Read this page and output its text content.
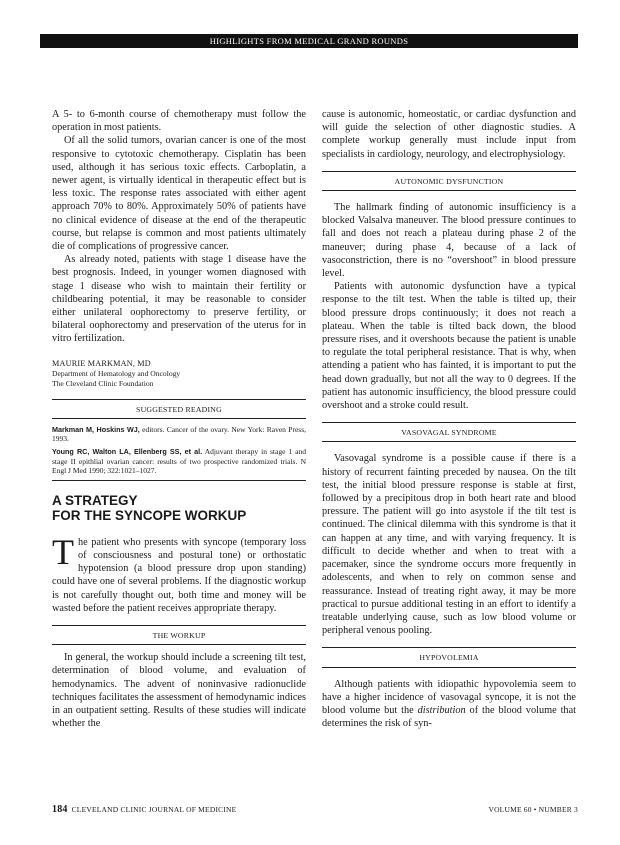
HIGHLIGHTS FROM MEDICAL GRAND ROUNDS

A 5- to 6-month course of chemotherapy must follow the operation in most patients.

Of all the solid tumors, ovarian cancer is one of the most responsive to cytotoxic chemotherapy. Cisplatin has been used, although it has serious toxic effects. Carboplatin, a newer agent, is virtually identical in therapeutic effect but is less toxic. The response rates associated with either agent approach 70% to 80%. Approximately 50% of patients have no clinical evidence of disease at the end of the therapeutic course, but relapse is common and most patients ultimately die of complications of progressive cancer.

As already noted, patients with stage 1 disease have the best prognosis. Indeed, in younger women diagnosed with stage 1 disease who wish to maintain their fertility or childbearing potential, it may be reasonable to consider either unilateral oophorectomy to preserve fertility, or bilateral oophorectomy and preservation of the uterus for in vitro fertilization.

MAURIE MARKMAN, MD
Department of Hematology and Oncology
The Cleveland Clinic Foundation
SUGGESTED READING
Markman M, Hoskins WJ, editors. Cancer of the ovary. New York: Raven Press, 1993.
Young RC, Walton LA, Ellenberg SS, et al. Adjuvant therapy in stage 1 and stage II epithlial ovarian cancer: results of two prospective randomized trials. N Engl J Med 1990; 322:1021–1027.
A STRATEGY
FOR THE SYNCOPE WORKUP

The patient who presents with syncope (temporary loss of consciousness and postural tone) or orthostatic hypotension (a blood pressure drop upon standing) could have one of several problems. If the diagnostic workup is not carefully thought out, both time and money will be wasted before the patient receives appropriate therapy.

THE WORKUP

In general, the workup should include a screening tilt test, determination of blood volume, and evaluation of hemodynamics. The advent of noninvasive radionuclide techniques facilitates the assessment of hemodynamic indices in an outpatient setting. Results of these studies will indicate whether the

cause is autonomic, homeostatic, or cardiac dysfunction and will guide the selection of other diagnostic studies. A complete workup generally must include input from specialists in cardiology, neurology, and electrophysiology.

AUTONOMIC DYSFUNCTION

The hallmark finding of autonomic insufficiency is a blocked Valsalva maneuver. The blood pressure continues to fall and does not reach a plateau during phase 2 of the maneuver; during phase 4, because of a lack of vasoconstriction, there is no “overshoot” in blood pressure level.

Patients with autonomic dysfunction have a typical response to the tilt test. When the table is tilted up, their blood pressure drops continuously; it does not reach a plateau. When the table is tilted back down, the blood pressure rises, and it overshoots because the patient is unable to regulate the total peripheral resistance. That is why, when attending a patient who has fainted, it is important to put the head down gradually, but not all the way to 0 degrees. If the patient has autonomic insufficiency, the blood pressure could overshoot and a stroke could result.

VASOVAGAL SYNDROME

Vasovagal syndrome is a possible cause if there is a history of recurrent fainting preceded by nausea. On the tilt test, the initial blood pressure response is stable at first, followed by a precipitous drop in both heart rate and blood pressure. The patient will go into asystole if the tilt test is continued. The clinical dilemma with this syndrome is that it can happen at any time, and with varying frequency. It is difficult to decide whether and when to treat with a pacemaker, since the syndrome occurs more frequently in adolescents, and when to rely on common sense and reassurance. Instead of treating right away, it may be more practical to pursue additional testing in an effort to identify a treatable underlying cause, such as low blood volume or peripheral venous pooling.

HYPOVOLEMIA

Although patients with idiopathic hypovolemia seem to have a higher incidence of vasovagal syncope, it is not the blood volume but the distribution of the blood volume that determines the risk of syn-

184 CLEVELAND CLINIC JOURNAL OF MEDICINE	VOLUME 60 • NUMBER 3
